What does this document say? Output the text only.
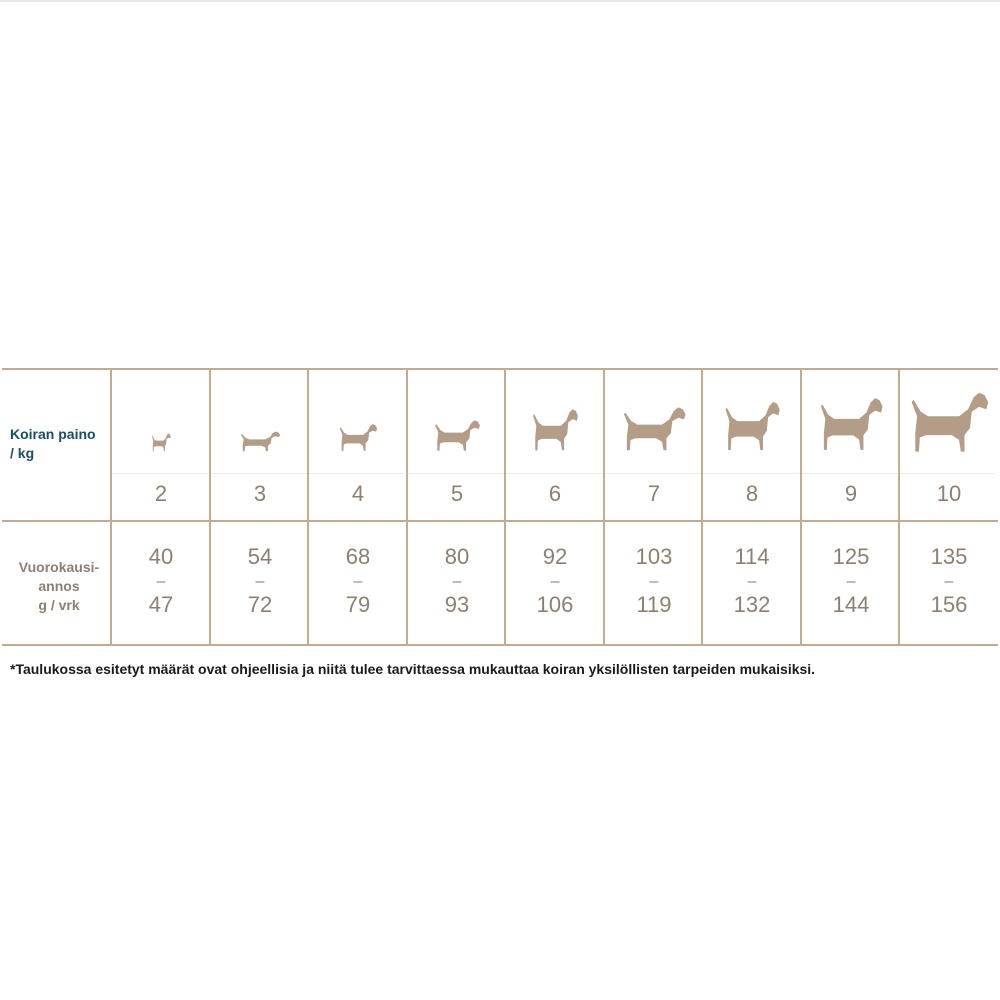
Koiran paino
/ kg
Vuorokausi-
annos
g / vrk
2
40
–
47
3
54
–
72
4
68
–
79
5
80
–
93
6
92
–
106
7
103
–
119
8
114
–
132
9
125
–
144
10
135
–
156
*Taulukossa esitetyt määrät ovat ohjeellisia ja niitä tulee tarvittaessa mukauttaa koiran yksilöllisten tarpeiden mukaisiksi.
